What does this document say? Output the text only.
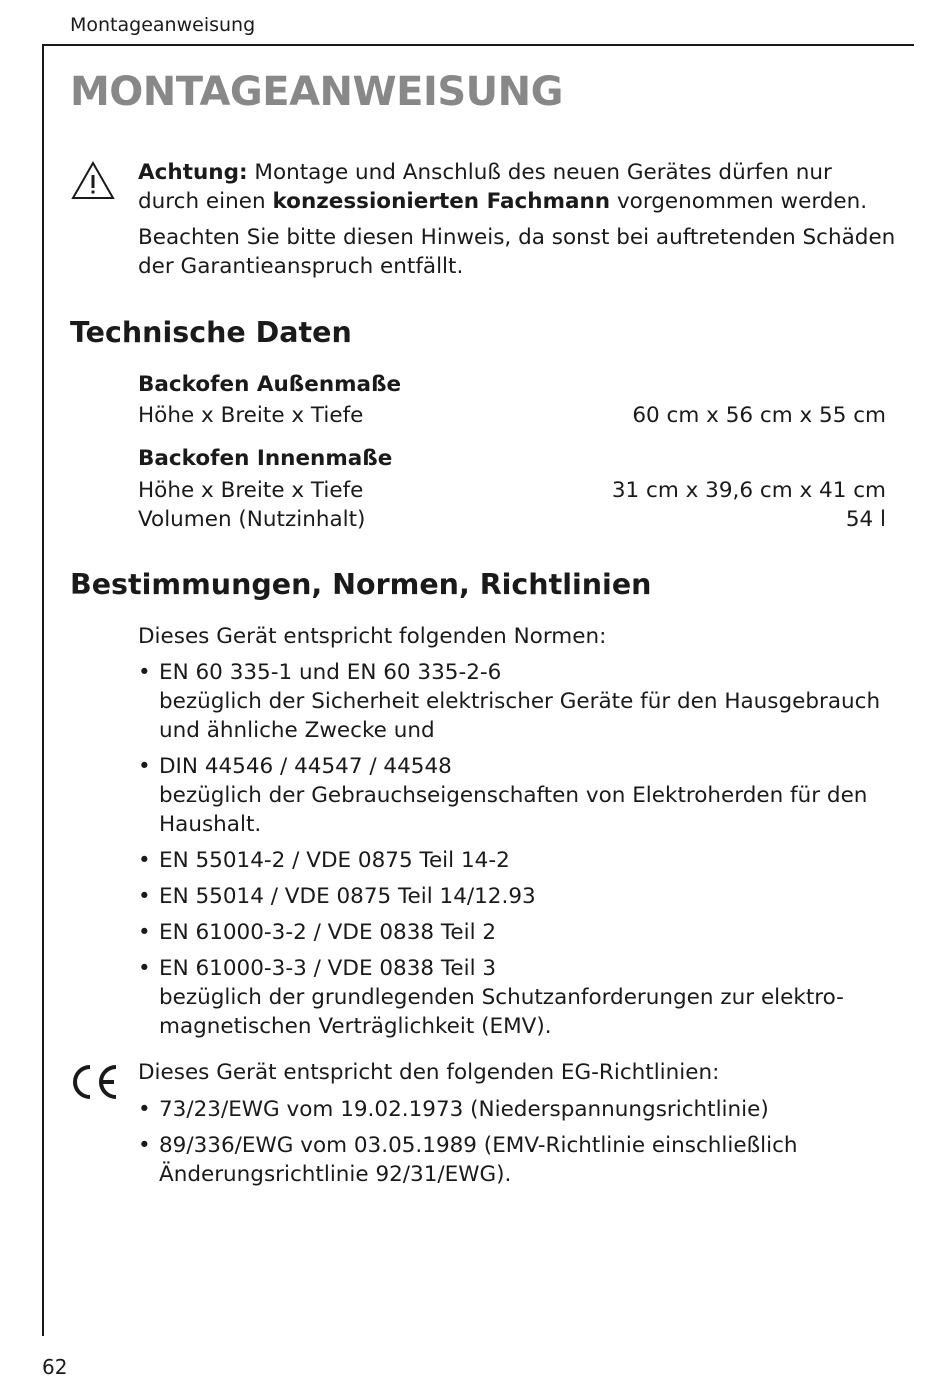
Montageanweisung
62
MONTAGEANWEISUNG

Achtung: Montage und Anschluß des neuen Gerätes dürfen nur durch einen konzessionierten Fachmann vorgenommen werden.

Beachten Sie bitte diesen Hinweis, da sonst bei auftretenden Schäden der Garantieanspruch entfällt.

Technische Daten
Backofen Außenmaße
Höhe x Breite x Tiefe	60 cm x 56 cm x 55 cm
Backofen Innenmaße
Höhe x Breite x Tiefe	31 cm x 39,6 cm x 41 cm
Volumen (Nutzinhalt)	54 l
Bestimmungen, Normen, Richtlinien

Dieses Gerät entspricht folgenden Normen:

• EN 60 335-1 und EN 60 335-2-6
bezüglich der Sicherheit elektrischer Geräte für den Hausgebrauch
und ähnliche Zwecke und
• DIN 44546 / 44547 / 44548
bezüglich der Gebrauchseigenschaften von Elektroherden für den
Haushalt.
• EN 55014-2 / VDE 0875 Teil 14-2
• EN 55014 / VDE 0875 Teil 14/12.93
• EN 61000-3-2 / VDE 0838 Teil 2
• EN 61000-3-3 / VDE 0838 Teil 3
bezüglich der grundlegenden Schutzanforderungen zur elektro-
magnetischen Verträglichkeit (EMV).

Dieses Gerät entspricht den folgenden EG-Richtlinien:

• 73/23/EWG vom 19.02.1973 (Niederspannungsrichtlinie)
• 89/336/EWG vom 03.05.1989 (EMV-Richtlinie einschließlich
Änderungsrichtlinie 92/31/EWG).
